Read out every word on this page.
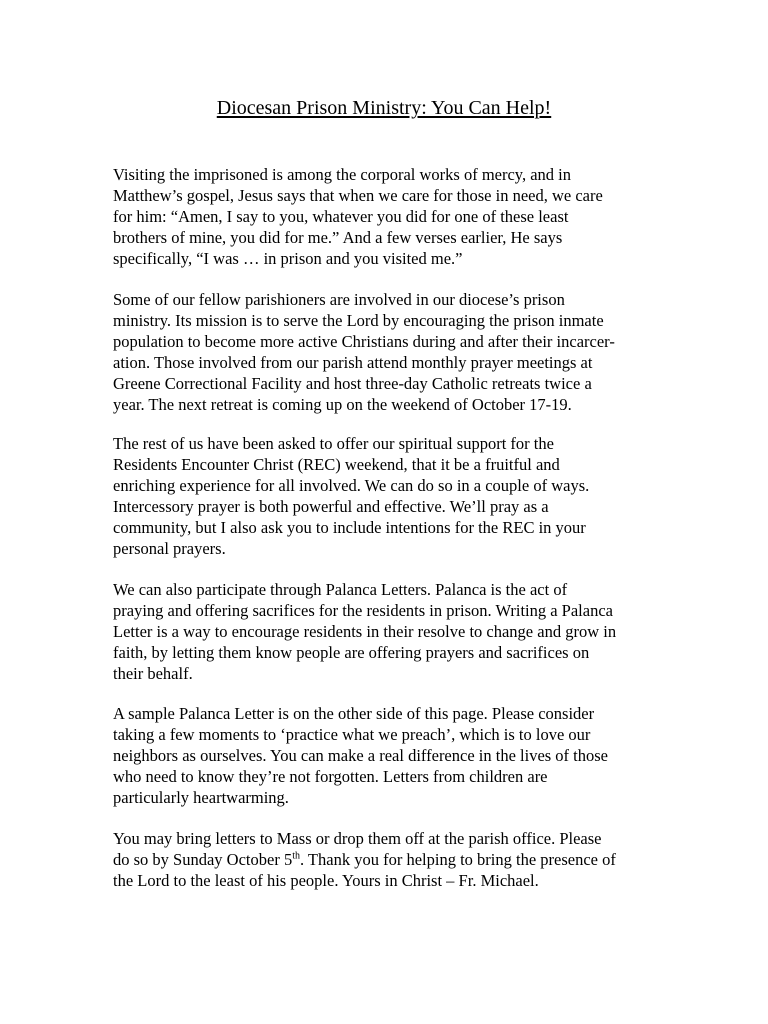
Diocesan Prison Ministry: You Can Help!

Visiting the imprisoned is among the corporal works of mercy, and in
Matthew’s gospel, Jesus says that when we care for those in need, we care
for him: “Amen, I say to you, whatever you did for one of these least
brothers of mine, you did for me.” And a few verses earlier, He says
specifically, “I was … in prison and you visited me.”

Some of our fellow parishioners are involved in our diocese’s prison
ministry. Its mission is to serve the Lord by encouraging the prison inmate
population to become more active Christians during and after their incarcer-
ation. Those involved from our parish attend monthly prayer meetings at
Greene Correctional Facility and host three-day Catholic retreats twice a
year. The next retreat is coming up on the weekend of October 17-19.

The rest of us have been asked to offer our spiritual support for the
Residents Encounter Christ (REC) weekend, that it be a fruitful and
enriching experience for all involved. We can do so in a couple of ways.
Intercessory prayer is both powerful and effective. We’ll pray as a
community, but I also ask you to include intentions for the REC in your
personal prayers.

We can also participate through Palanca Letters. Palanca is the act of
praying and offering sacrifices for the residents in prison. Writing a Palanca
Letter is a way to encourage residents in their resolve to change and grow in
faith, by letting them know people are offering prayers and sacrifices on
their behalf.

A sample Palanca Letter is on the other side of this page. Please consider
taking a few moments to ‘practice what we preach’, which is to love our
neighbors as ourselves. You can make a real difference in the lives of those
who need to know they’re not forgotten. Letters from children are
particularly heartwarming.

You may bring letters to Mass or drop them off at the parish office. Please
do so by Sunday October 5th. Thank you for helping to bring the presence of
the Lord to the least of his people. Yours in Christ – Fr. Michael.
